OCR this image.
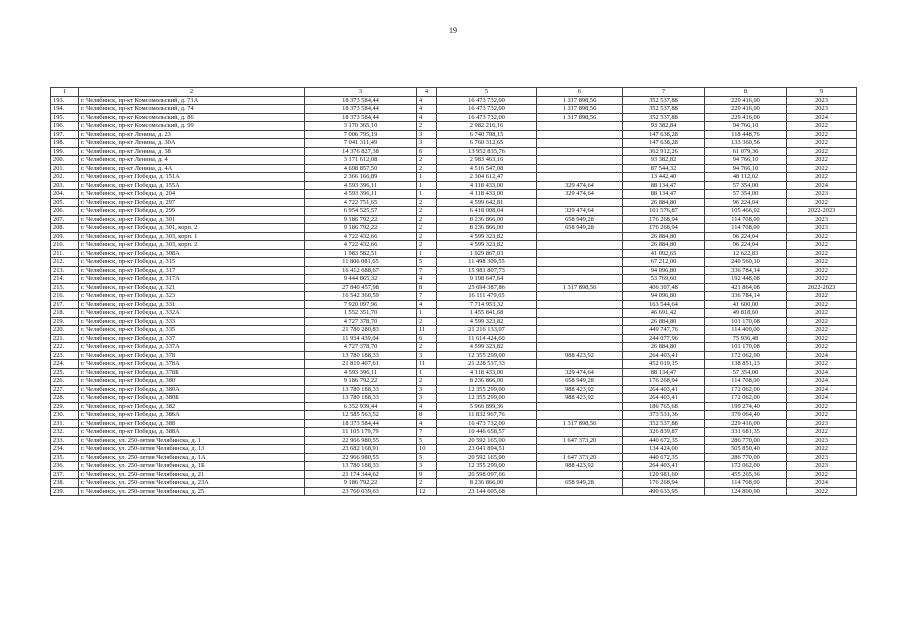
19
1	2	3	4	5	6	7	8	9
193.	г. Челябинск, пр-кт Комсомольский, д. 71А	18 373 584,44	4	16 473 732,00	1 317 898,56	352 537,88	229 416,00	2023
194.	г. Челябинск, пр-кт Комсомольский, д. 74	18 373 584,44	4	16 473 732,00	1 317 898,56	352 537,88	229 416,00	2023
195.	г. Челябинск, пр-кт Комсомольский, д. 86	18 373 584,44	4	16 473 732,00	1 317 898,56	352 537,88	229 416,00	2024
196.	г. Челябинск, пр-кт Комсомольский, д. 99	3 170 365,10	2	2 982 216,16		93 382,84	94 766,10	2022
197.	г. Челябинск, пр-кт Ленина, д. 23	7 006 795,19	3	6 740 708,15		147 638,28	118 448,76	2022
198.	г. Челябинск, пр-кт Ленина, д. 30А	7 041 311,49	3	6 760 312,65		147 638,28	133 360,56	2022
199.	г. Челябинск, пр-кт Ленина, д. 38	14 376 827,38	6	13 952 835,76		362 912,26	61 079,36	2022
200.	г. Челябинск, пр-кт Ленина, д. 4	3 171 612,08	2	2 983 463,16		93 382,82	94 766,10	2022
201.	г. Челябинск, пр-кт Ленина, д. 4А	4 698 857,50	2	4 516 547,08		87 544,32	94 766,10	2022
202.	г. Челябинск, пр-кт Победы, д. 151А	2 366 166,89	1	2 304 612,47		13 442,40	48 112,02	2022
203.	г. Челябинск, пр-кт Победы, д. 155А	4 593 396,11	1	4 118 433,00	329 474,64	88 134,47	57 354,00	2024
204.	г. Челябинск, пр-кт Победы, д. 204	4 593 396,11	1	4 118 433,00	329 474,64	88 134,47	57 354,00	2023
205.	г. Челябинск, пр-кт Победы, д. 297	4 722 751,65	2	4 599 642,81		26 884,80	96 224,04	2022
206.	г. Челябинск, пр-кт Победы, д. 299	6 954 525,57	2	6 418 008,04	329 474,64	101 576,87	105 466,02	2022-2023
207.	г. Челябинск, пр-кт Победы, д. 301	9 186 792,22	2	8 236 866,00	658 949,28	176 268,94	114 708,00	2023
208.	г. Челябинск, пр-кт Победы, д. 301, корп. 2	9 186 792,22	2	8 236 866,00	658 949,28	176 268,94	114 708,00	2023
209.	г. Челябинск, пр-кт Победы, д. 303, корп. 1	4 722 432,66	2	4 599 323,82		26 884,80	96 224,04	2022
210.	г. Челябинск, пр-кт Победы, д. 303, корп. 2	4 722 432,66	2	4 599 323,82		26 884,80	96 224,04	2022
211.	г. Челябинск, пр-кт Победы, д. 308А	1 983 582,51	1	1 929 867,03		41 092,65	12 622,83	2022
212.	г. Челябинск, пр-кт Победы, д. 315	11 806 081,65	5	11 498 309,55		67 212,00	240 560,10	2022
213.	г. Челябинск, пр-кт Победы, д. 317	16 412 688,67	7	15 981 807,73		94 096,80	336 784,14	2022
214.	г. Челябинск, пр-кт Победы, д. 317А	9 444 865,32	4	9 198 647,64		53 769,60	192 448,08	2022
215.	г. Челябинск, пр-кт Победы, д. 321	27 840 457,98	8	25 694 387,86	1 317 898,56	406 307,48	421 864,08	2022-2023
216.	г. Челябинск, пр-кт Победы, д. 323	16 542 360,59	7	16 111 479,65		94 096,80	336 784,14	2022
217.	г. Челябинск, пр-кт Победы, д. 331	7 920 097,96	4	7 714 953,32		163 544,64	41 600,00	2022
218.	г. Челябинск, пр-кт Победы, д. 332А	1 552 351,70	1	1 455 841,68		46 691,42	49 818,60	2022
219.	г. Челябинск, пр-кт Победы, д. 333	4 727 378,70	2	4 599 323,82		26 884,80	101 170,08	2022
220.	г. Челябинск, пр-кт Победы, д. 335	21 780 280,83	11	21 216 133,07		449 747,76	114 400,00	2022
221.	г. Челябинск, пр-кт Победы, д. 337	11 934 439,04	6	11 614 424,60		244 077,96	75 936,48	2022
222.	г. Челябинск, пр-кт Победы, д. 337А	4 727 378,70	2	4 599 323,82		26 884,80	101 170,08	2022
223.	г. Челябинск, пр-кт Победы, д. 378	13 780 188,33	3	12 355 299,00	988 423,92	264 403,41	172 062,00	2024
224.	г. Челябинск, пр-кт Победы, д. 378А	21 819 407,61	11	21 228 537,33		452 019,15	138 851,13	2022
225.	г. Челябинск, пр-кт Победы, д. 378Б	4 593 396,11	1	4 118 433,00	329 474,64	88 134,47	57 354,00	2024
226.	г. Челябинск, пр-кт Победы, д. 380	9 186 792,22	2	8 236 866,00	658 949,28	176 268,94	114 708,00	2024
227.	г. Челябинск, пр-кт Победы, д. 380А	13 780 188,33	3	12 355 299,00	988 423,92	264 403,41	172 062,00	2024
228.	г. Челябинск, пр-кт Победы, д. 380Б	13 780 188,33	3	12 355 299,00	988 423,92	264 403,41	172 062,00	2024
229.	г. Челябинск, пр-кт Победы, д. 382	6 352 939,44	4	5 966 899,36		186 765,68	199 274,40	2022
230.	г. Челябинск, пр-кт Победы, д. 386А	12 585 563,52	8	11 832 967,76		373 531,36	379 064,40	2022
231.	г. Челябинск, пр-кт Победы, д. 388	18 373 584,44	4	16 473 732,00	1 317 898,56	352 537,88	229 416,00	2023
232.	г. Челябинск, пр-кт Победы, д. 388А	11 105 179,79	7	10 446 658,57		326 839,87	331 681,35	2022
233.	г. Челябинск, ул. 250-летия Челябинска, д. 1	22 966 980,55	5	20 592 165,00	1 647 373,20	440 672,35	286 770,00	2023
234.	г. Челябинск, ул. 250-летия Челябинска, д. 13	23 682 168,91	10	23 041 894,51		134 424,00	505 850,40	2022
235.	г. Челябинск, ул. 250-летия Челябинска, д. 1А	22 966 980,55	5	20 592 165,00	1 647 373,20	440 672,35	286 770,00	2023
236.	г. Челябинск, ул. 250-летия Челябинска, д. 1Б	13 780 188,33	3	12 355 299,00	988 423,92	264 403,41	172 062,00	2023
237.	г. Челябинск, ул. 250-летия Челябинска, д. 21	21 174 344,62	9	20 598 097,66		120 981,60	455 265,36	2022
238.	г. Челябинск, ул. 250-летия Челябинска, д. 23А	9 186 792,22	2	8 236 866,00	658 949,28	176 268,94	114 708,00	2024
239.	г. Челябинск, ул. 250-летия Челябинска, д. 25	23 760 039,63	12	23 144 605,68		490 633,95	124 800,00	2022
